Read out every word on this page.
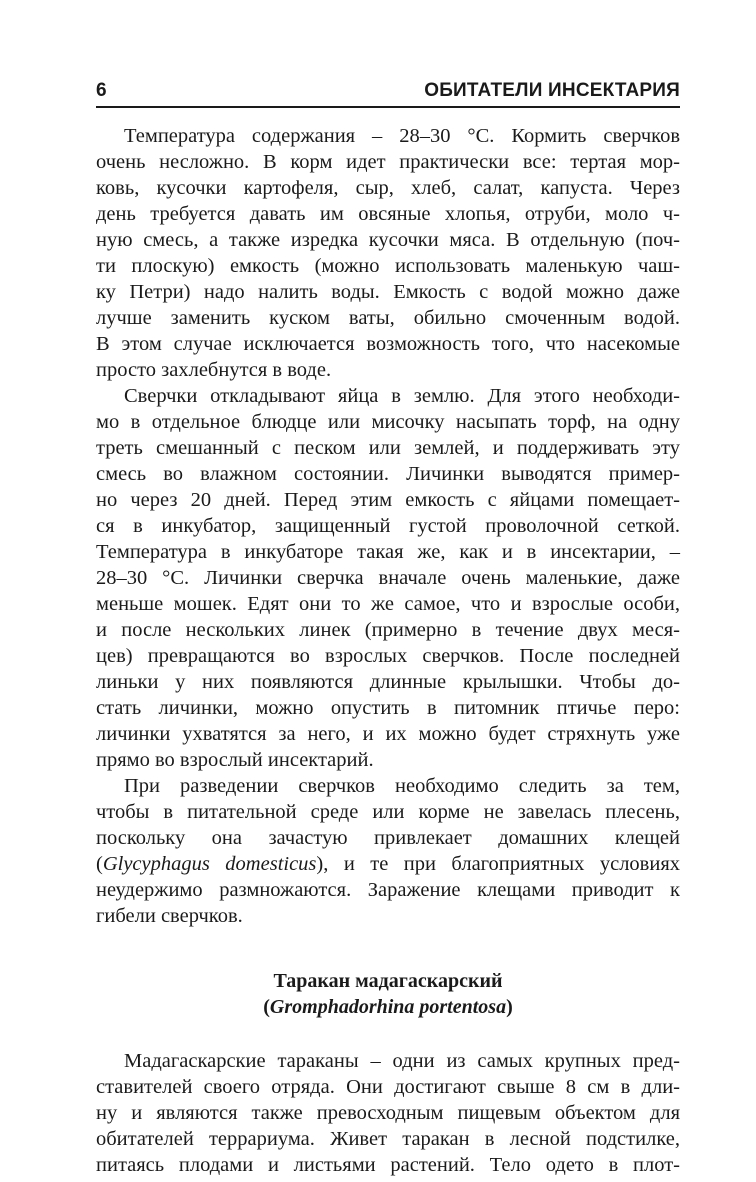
6	ОБИТАТЕЛИ ИНСЕКТАРИЯ
Температура содержания – 28–30 °С. Кормить сверчков
очень несложно. В корм идет практически все: тертая мор-
ковь, кусочки картофеля, сыр, хлеб, салат, капуста. Через
день требуется давать им овсяные хлопья, отруби, моло ч-
ную смесь, а также изредка кусочки мяса. В отдельную (поч-
ти плоскую) емкость (можно использовать маленькую чаш-
ку Петри) надо налить воды. Емкость с водой можно даже
лучше заменить куском ваты, обильно смоченным водой.
В этом случае исключается возможность того, что насекомые
просто захлебнутся в воде.
Сверчки откладывают яйца в землю. Для этого необходи-
мо в отдельное блюдце или мисочку насыпать торф, на одну
треть смешанный с песком или землей, и поддерживать эту
смесь во влажном состоянии. Личинки выводятся пример-
но через 20 дней. Перед этим емкость с яйцами помещает-
ся в инкубатор, защищенный густой проволочной сеткой.
Температура в инкубаторе такая же, как и в инсектарии, –
28–30 °С. Личинки сверчка вначале очень маленькие, даже
меньше мошек. Едят они то же самое, что и взрослые особи,
и после нескольких линек (примерно в течение двух меся-
цев) превращаются во взрослых сверчков. После последней
линьки у них появляются длинные крылышки. Чтобы до-
стать личинки, можно опустить в питомник птичье перо:
личинки ухватятся за него, и их можно будет стряхнуть уже
прямо во взрослый инсектарий.
При разведении сверчков необходимо следить за тем,
чтобы в питательной среде или корме не завелась плесень,
поскольку она зачастую привлекает домашних клещей
(Glycyphagus domesticus), и те при благоприятных условиях
неудержимо размножаются. Заражение клещами приводит к
гибели сверчков.
Таракан мадагаскарский
(Gromphadorhina portentosa)
Мадагаскарские тараканы – одни из самых крупных пред-
ставителей своего отряда. Они достигают свыше 8 см в дли-
ну и являются также превосходным пищевым объектом для
обитателей террариума. Живет таракан в лесной подстилке,
питаясь плодами и листьями растений. Тело одето в плот-
